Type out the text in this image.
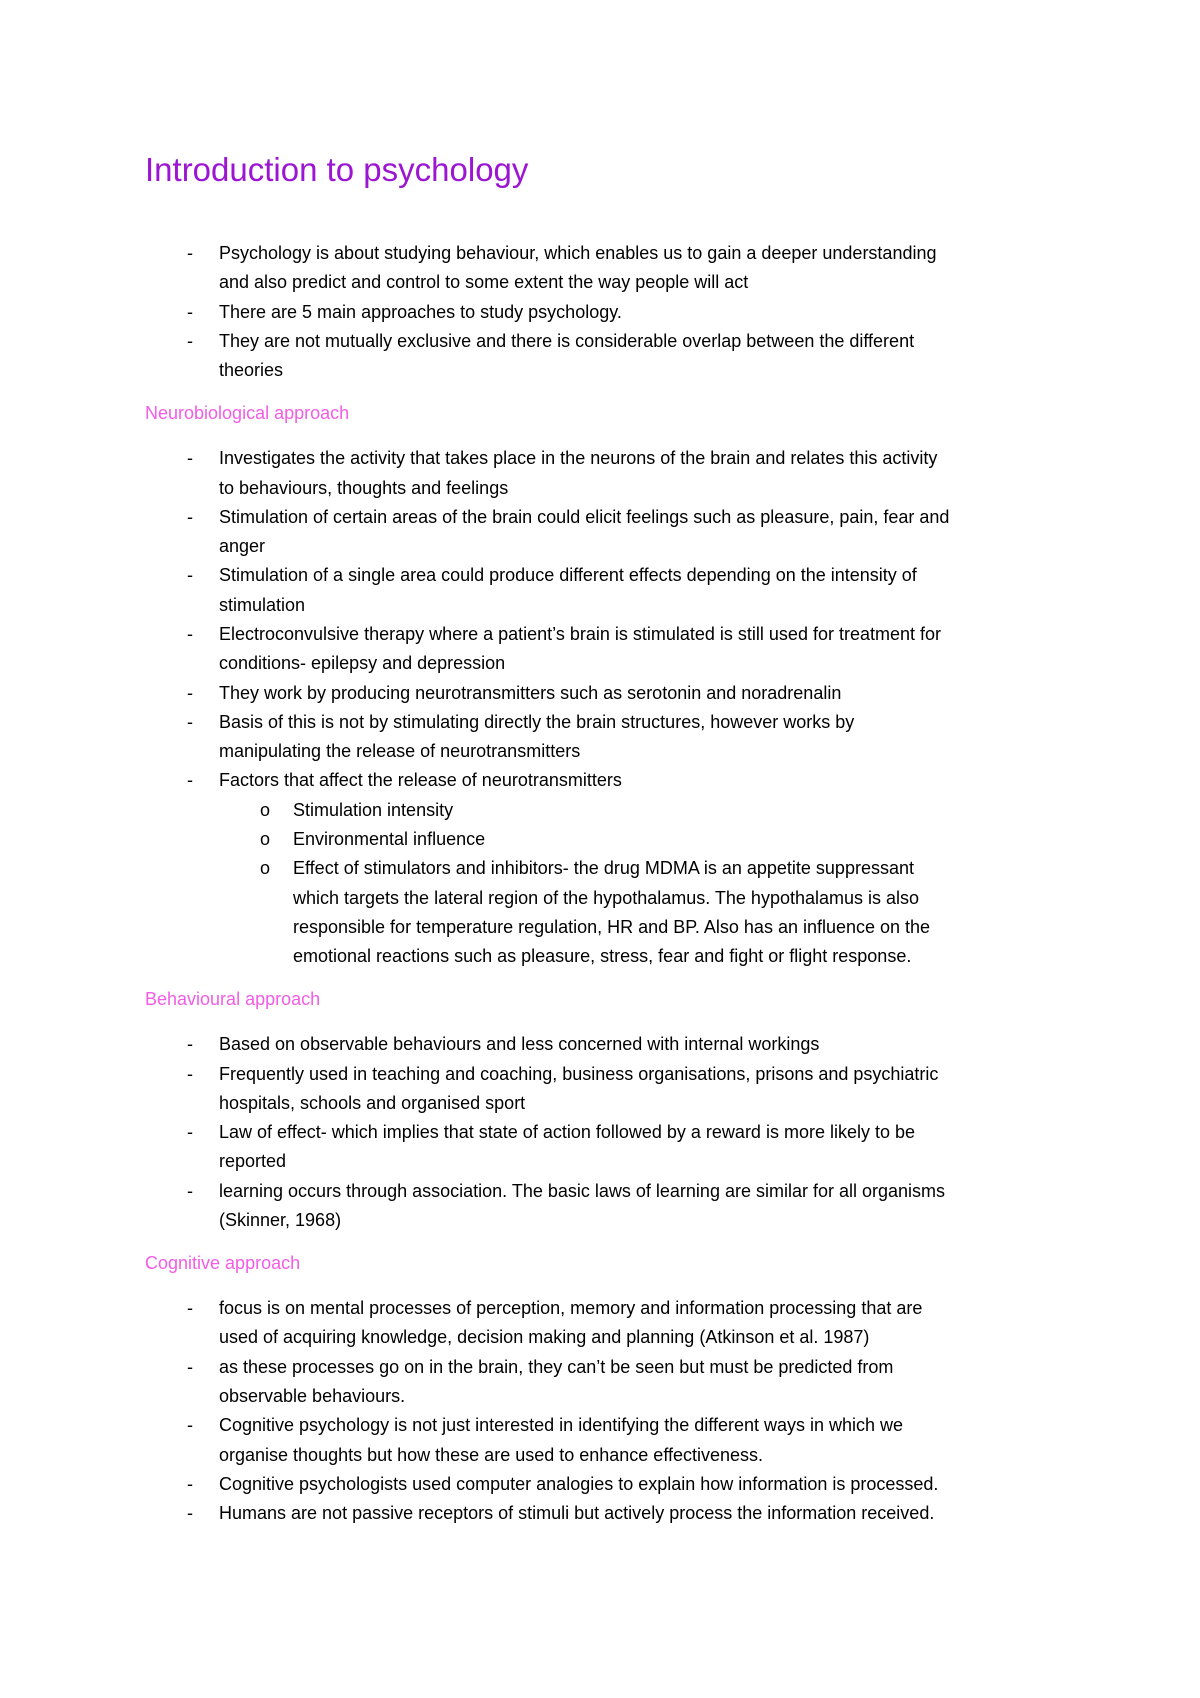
Introduction to psychology
- Psychology is about studying behaviour, which enables us to gain a deeper understanding
and also predict and control to some extent the way people will act
- There are 5 main approaches to study psychology.
- They are not mutually exclusive and there is considerable overlap between the different
theories
Neurobiological approach
- Investigates the activity that takes place in the neurons of the brain and relates this activity
to behaviours, thoughts and feelings
- Stimulation of certain areas of the brain could elicit feelings such as pleasure, pain, fear and
anger
- Stimulation of a single area could produce different effects depending on the intensity of
stimulation
- Electroconvulsive therapy where a patient’s brain is stimulated is still used for treatment for
conditions- epilepsy and depression
- They work by producing neurotransmitters such as serotonin and noradrenalin
- Basis of this is not by stimulating directly the brain structures, however works by
manipulating the release of neurotransmitters
- Factors that affect the release of neurotransmitters
o Stimulation intensity
o Environmental influence
o Effect of stimulators and inhibitors- the drug MDMA is an appetite suppressant
which targets the lateral region of the hypothalamus. The hypothalamus is also
responsible for temperature regulation, HR and BP. Also has an influence on the
emotional reactions such as pleasure, stress, fear and fight or flight response.
Behavioural approach
- Based on observable behaviours and less concerned with internal workings
- Frequently used in teaching and coaching, business organisations, prisons and psychiatric
hospitals, schools and organised sport
- Law of effect- which implies that state of action followed by a reward is more likely to be
reported
- learning occurs through association. The basic laws of learning are similar for all organisms
(Skinner, 1968)
Cognitive approach
- focus is on mental processes of perception, memory and information processing that are
used of acquiring knowledge, decision making and planning (Atkinson et al. 1987)
- as these processes go on in the brain, they can’t be seen but must be predicted from
observable behaviours.
- Cognitive psychology is not just interested in identifying the different ways in which we
organise thoughts but how these are used to enhance effectiveness.
- Cognitive psychologists used computer analogies to explain how information is processed.
- Humans are not passive receptors of stimuli but actively process the information received.
